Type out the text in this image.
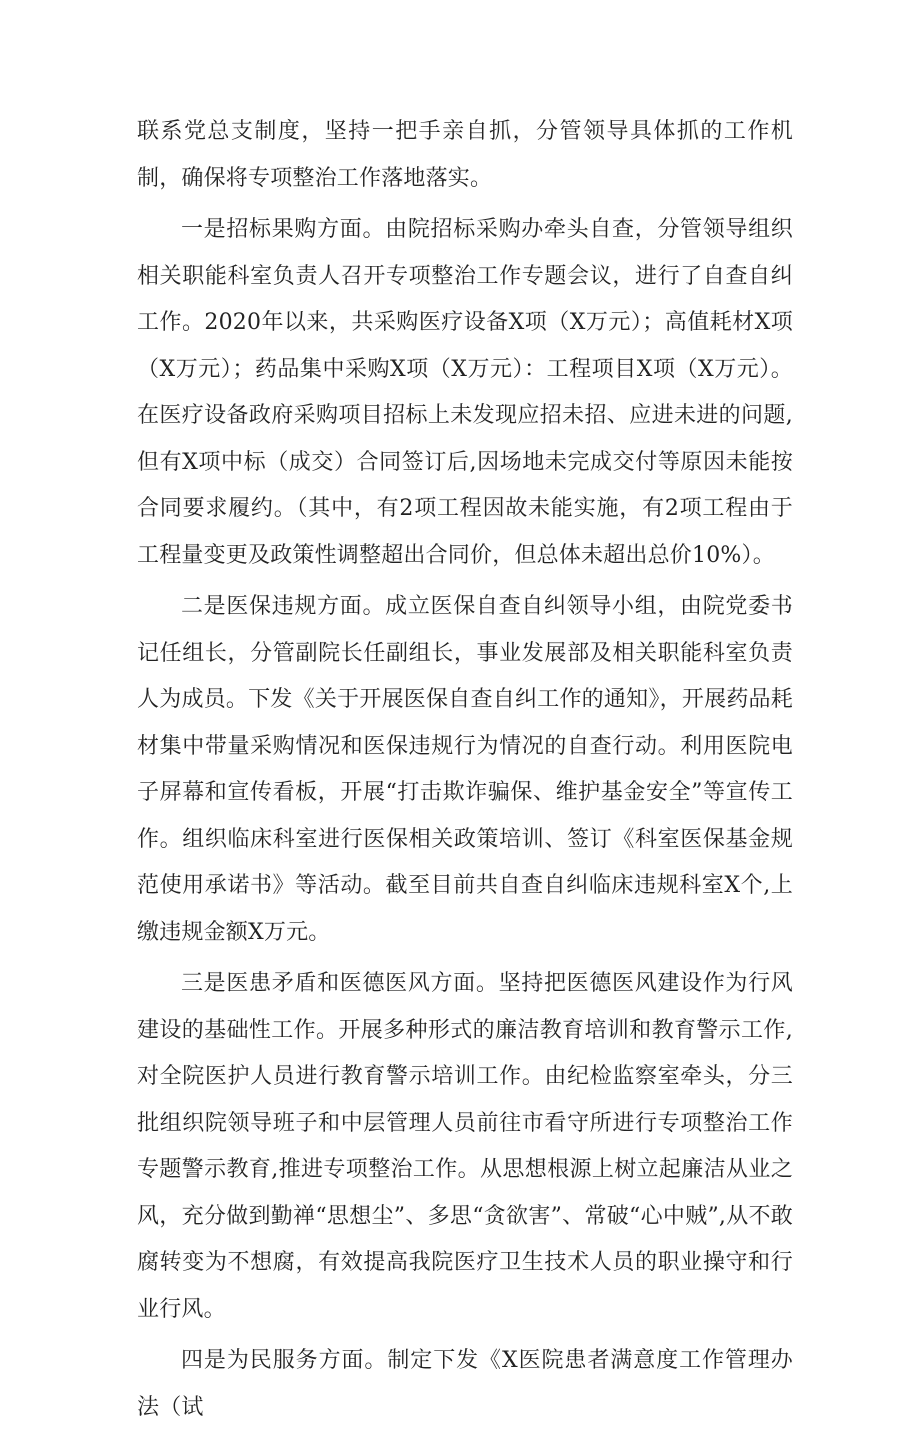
联系党总支制度，坚持一把手亲自抓，分管领导具体抓的工作机制，确保将专项整治工作落地落实。

一是招标果购方面。由院招标采购办牵头自查，分管领导组织相关职能科室负责人召开专项整治工作专题会议，进行了自查自纠工作。2020年以来，共采购医疗设备X项（X万元）；高值耗材X项（X万元）；药品集中采购X项（X万元）：工程项目X项（X万元）。在医疗设备政府采购项目招标上未发现应招未招、应进未进的问题,但有X项中标（成交）合同签订后,因场地未完成交付等原因未能按合同要求履约。（其中，有2项工程因故未能实施，有2项工程由于工程量变更及政策性调整超出合同价，但总体未超出总价10%）。

二是医保违规方面。成立医保自查自纠领导小组，由院党委书记任组长，分管副院长任副组长，事业发展部及相关职能科室负责人为成员。下发《关于开展医保自查自纠工作的通知》，开展药品耗材集中带量采购情况和医保违规行为情况的自查行动。利用医院电子屏幕和宣传看板，开展“打击欺诈骗保、维护基金安全”等宣传工作。组织临床科室进行医保相关政策培训、签订《科室医保基金规范使用承诺书》等活动。截至目前共自查自纠临床违规科室X个,上缴违规金额X万元。

三是医患矛盾和医德医风方面。坚持把医德医风建设作为行风建设的基础性工作。开展多种形式的廉洁教育培训和教育警示工作,对全院医护人员进行教育警示培训工作。由纪检监察室牵头，分三批组织院领导班子和中层管理人员前往市看守所进行专项整治工作专题警示教育,推进专项整治工作。从思想根源上树立起廉洁从业之风，充分做到勤禅“思想尘”、多思“贪欲害”、常破“心中贼”,从不敢腐转变为不想腐，有效提高我院医疗卫生技术人员的职业操守和行业行风。

四是为民服务方面。制定下发《X医院患者满意度工作管理办法（试
